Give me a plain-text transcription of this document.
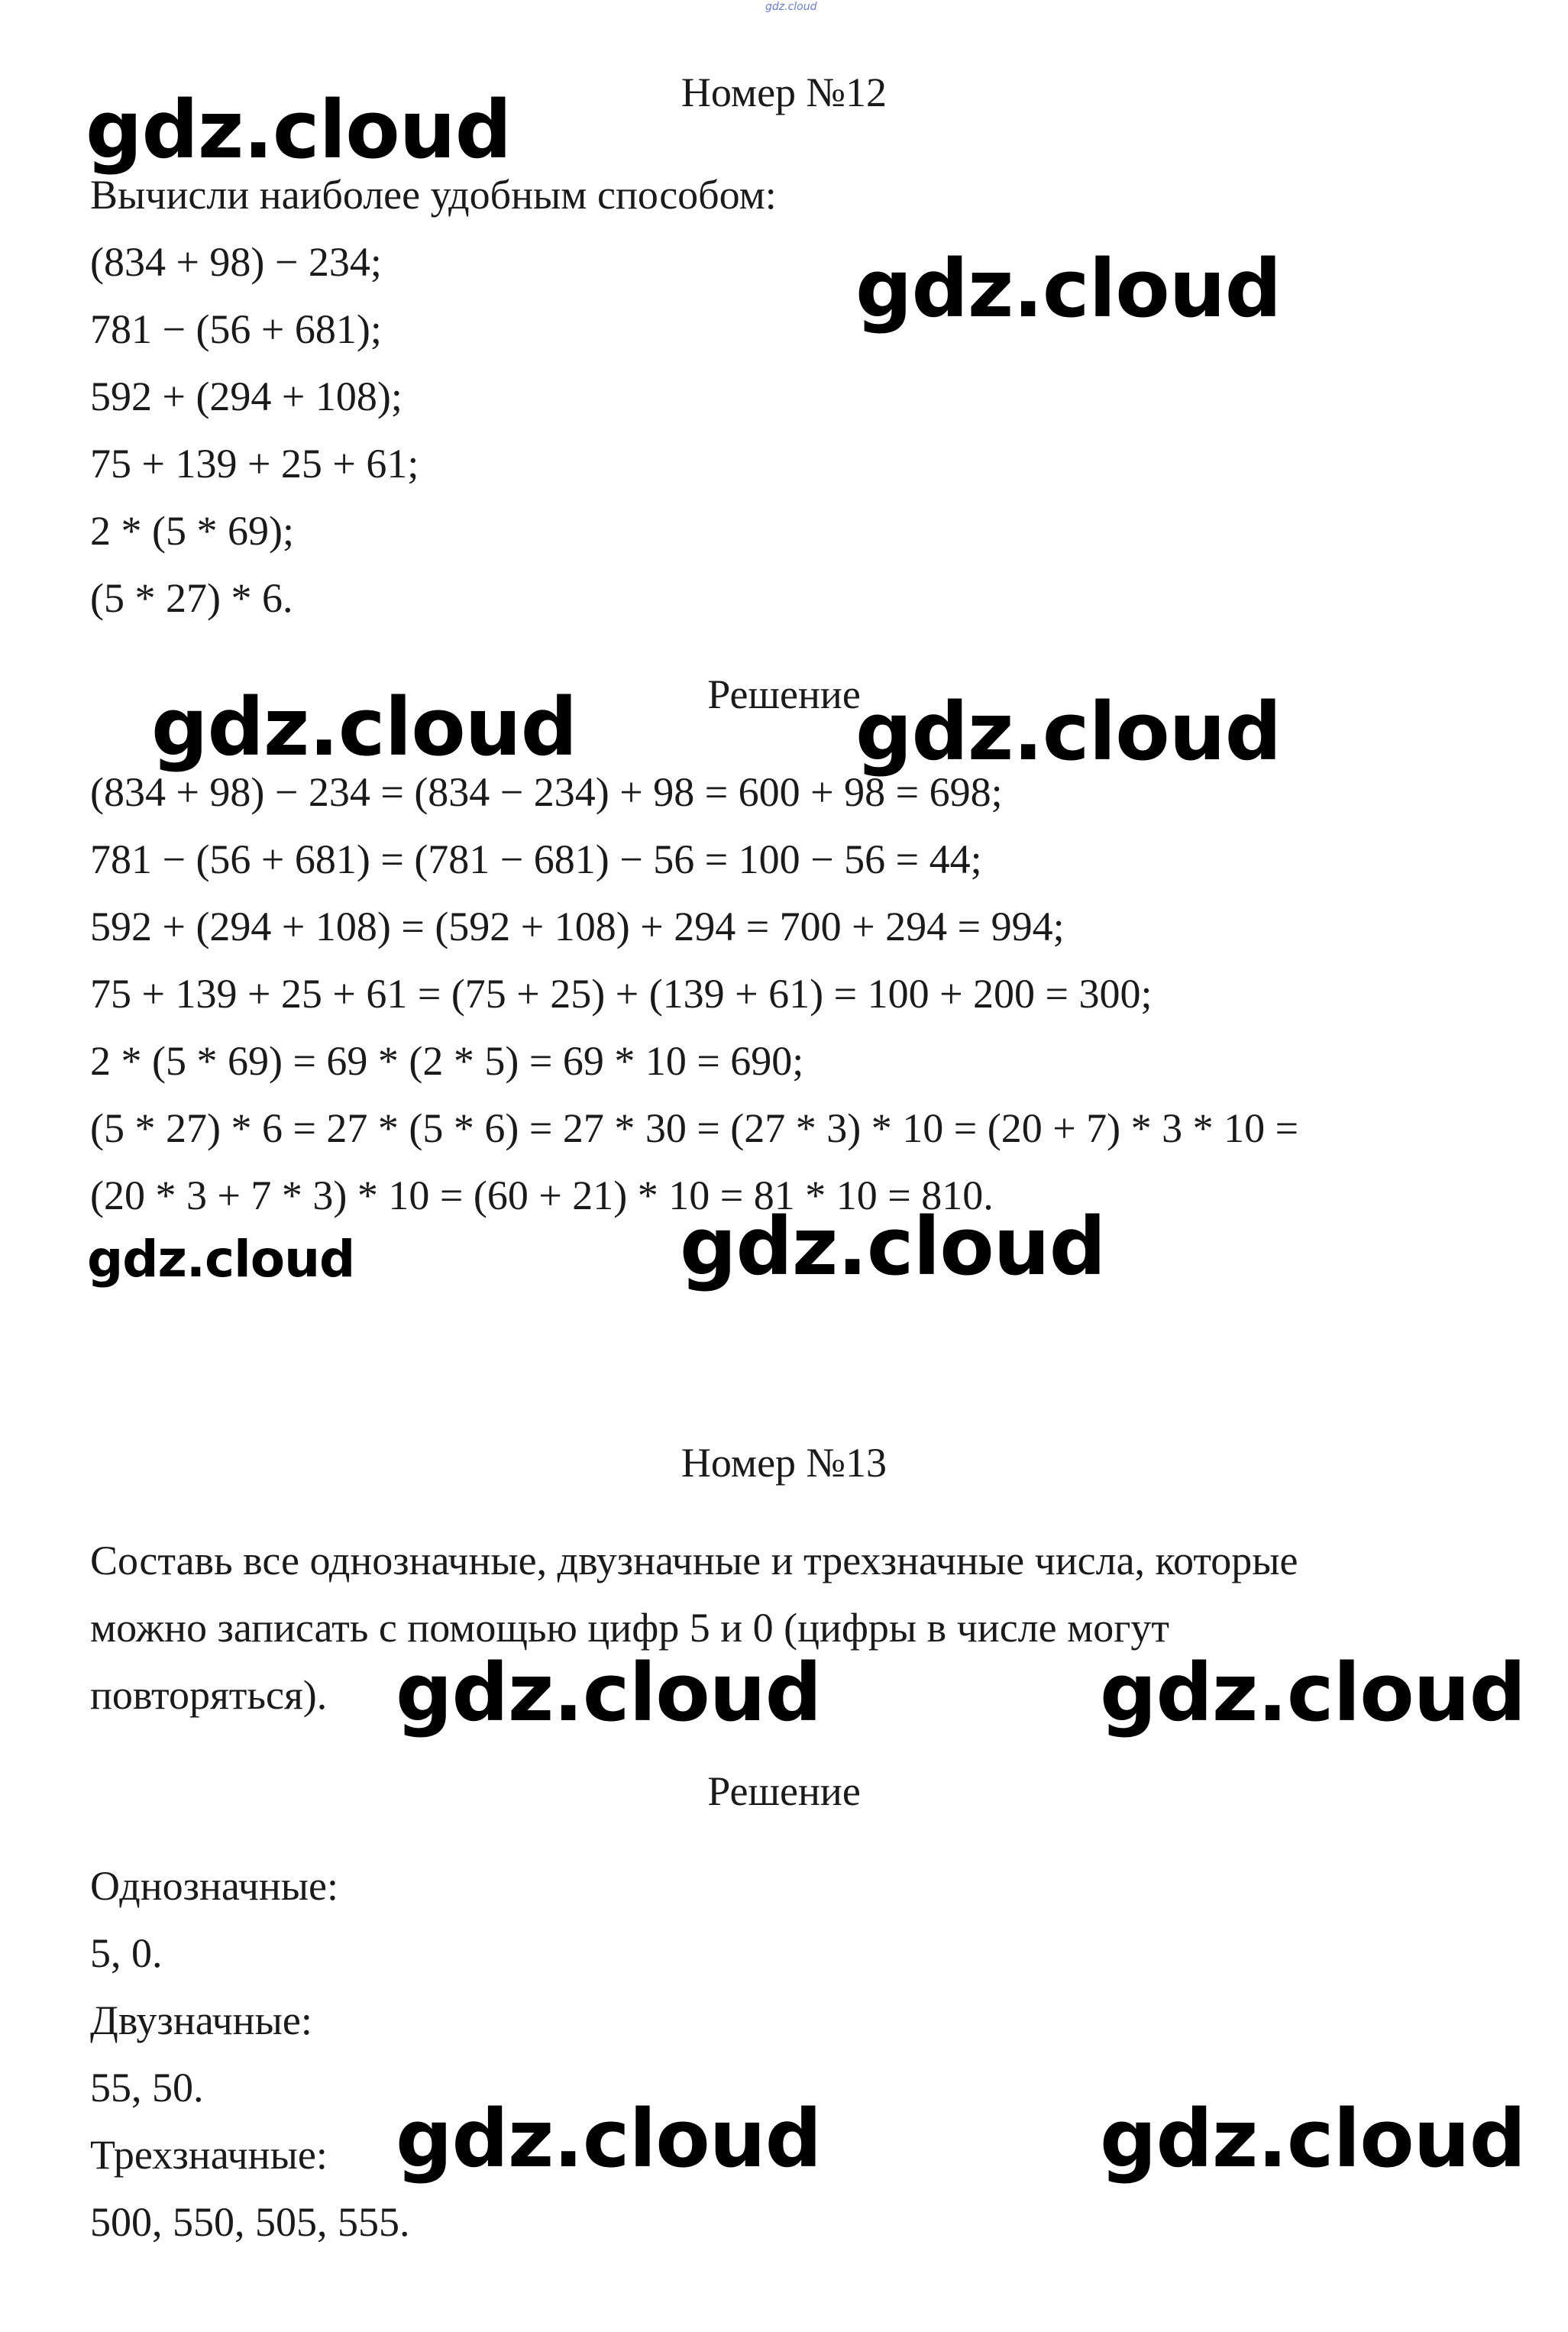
gdz.cloud
Номер №12
gdz.cloud

Вычисли наиболее удобным способом:

(834 + 98) − 234;	gdz.cloud

781 − (56 + 681);

592 + (294 + 108);

75 + 139 + 25 + 61;

2 * (5 * 69);

(5 * 27) * 6.

Решение
gdz.cloud	gdz.cloud

(834 + 98) − 234 = (834 − 234) + 98 = 600 + 98 = 698;

781 − (56 + 681) = (781 − 681) − 56 = 100 − 56 = 44;

592 + (294 + 108) = (592 + 108) + 294 = 700 + 294 = 994;

75 + 139 + 25 + 61 = (75 + 25) + (139 + 61) = 100 + 200 = 300;

2 * (5 * 69) = 69 * (2 * 5) = 69 * 10 = 690;

(5 * 27) * 6 = 27 * (5 * 6) = 27 * 30 = (27 * 3) * 10 = (20 + 7) * 3 * 10 =

(20 * 3 + 7 * 3) * 10 = (60 + 21) * 10 = 81 * 10 = 810.

gdz.cloud
gdz.cloud
Номер №13

Составь все однозначные, двузначные и трехзначные числа, которые

можно записать с помощью цифр 5 и 0 (цифры в числе могут

повторяться). gdz.cloud	gdz.cloud
Решение

Однозначные:

5, 0.

Двузначные:

55, 50.

Трехзначные: gdz.cloud	gdz.cloud

500, 550, 505, 555.
